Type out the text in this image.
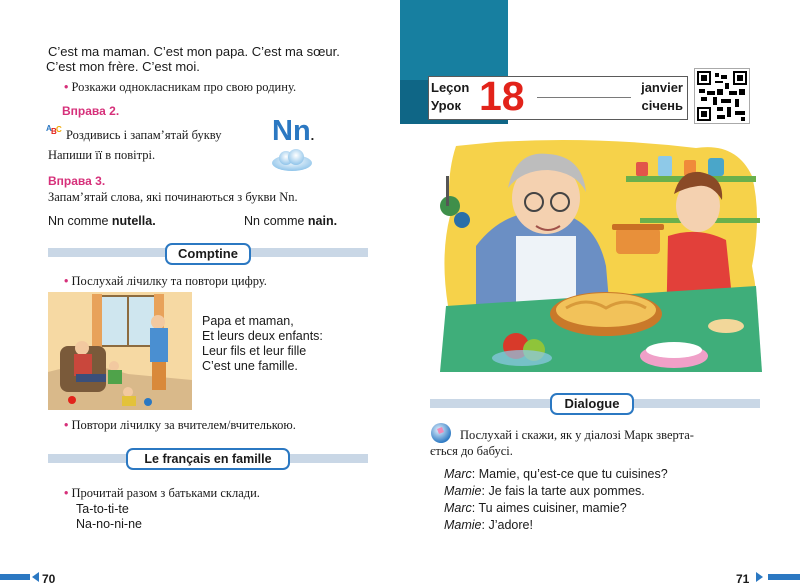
C’est ma maman. C’est mon papa. C’est ma sœur.
C’est mon frère. C’est moi.
• Розкажи однокласникам про свою родину.
Вправа 2.
A B C Роздивись і запам’ятай букву Nn.
Напиши її в повітрі.
Вправа 3.
Запам’ятай слова, які починаються з букви Nn.
Nn comme nutella.	Nn comme nain.
Comptine
• Послухай лічилку та повтори цифру.
Papa et maman,
Et leurs deux enfants:
Leur fils et leur fille
C’est une famille.
• Повтори лічилку за вчителем/вчителькою.
Le français en famille
• Прочитай разом з батьками склади.
Ta-to-ti-te
Na-no-ni-ne
70
Leçon
Урок 18	janvier
січень
Dialogue
Послухай і скажи, як у діалозі Марк зверта-
ється до бабусі.
Marc: Mamie, qu’est-ce que tu cuisines?
Mamie: Je fais la tarte aux pommes.
Marc: Tu aimes cuisiner, mamie?
Mamie: J’adore!
71
